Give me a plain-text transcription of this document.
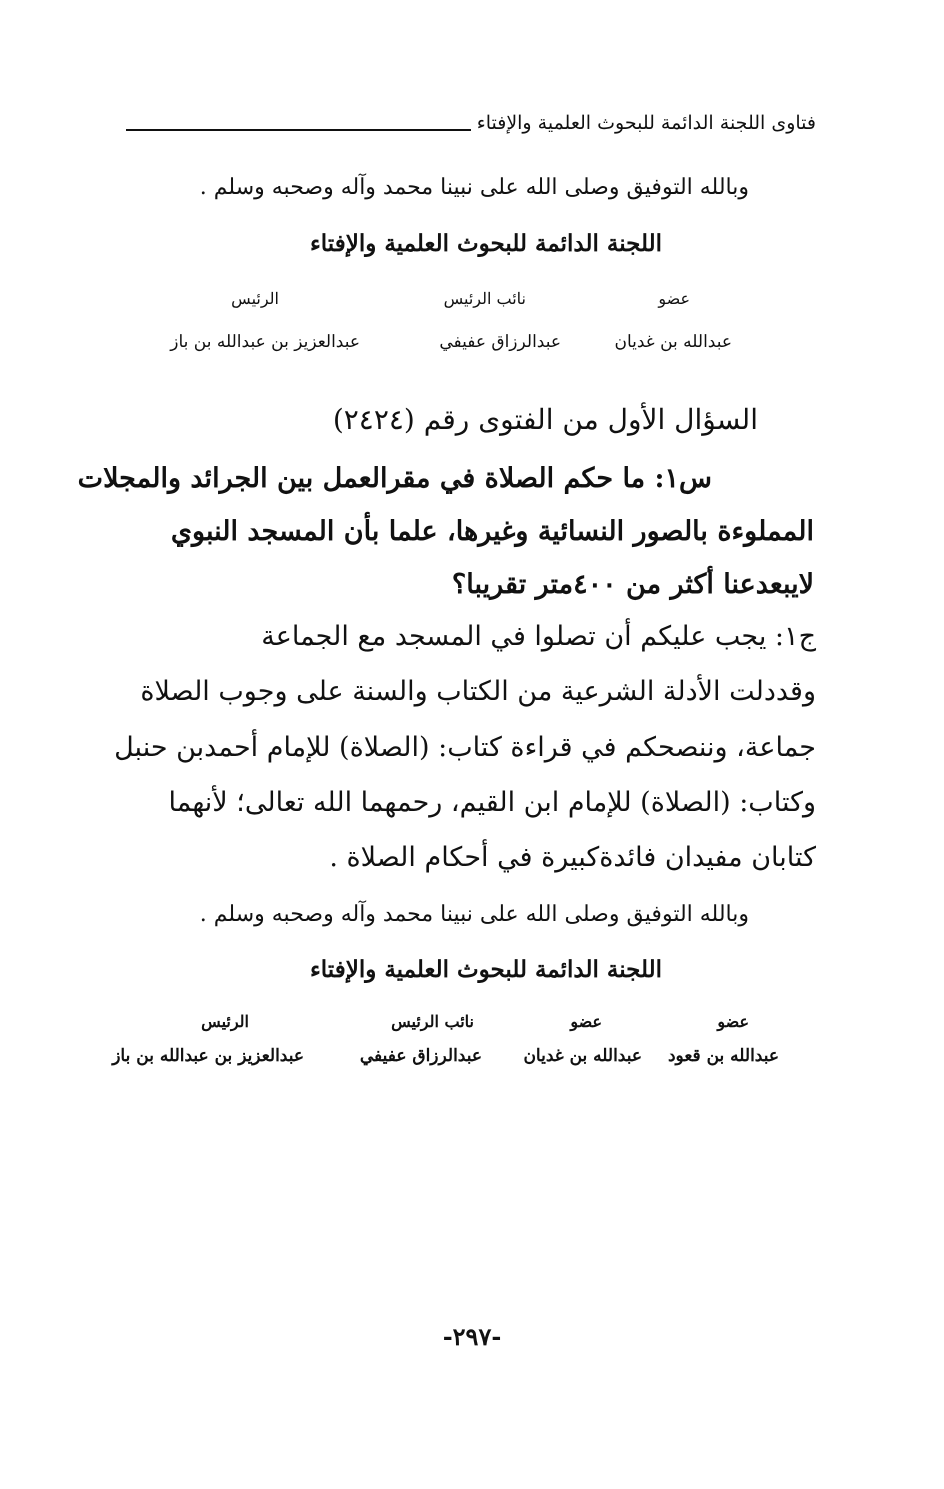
فتاوى اللجنة الدائمة للبحوث العلمية والإفتاء
وبالله التوفيق وصلى الله على نبينا محمد وآله وصحبه وسلم .
اللجنة الدائمة للبحوث العلمية والإفتاء
عضو
نائب الرئيس
الرئيس
عبدالله بن غديان
عبدالرزاق عفيفي
عبدالعزيز بن عبدالله بن باز
السؤال الأول من الفتوى رقم (٢٤٢٤)
س١: ما حكم الصلاة في مقرالعمل بين الجرائد والمجلات
المملوءة بالصور النسائية وغيرها، علما بأن المسجد النبوي
لايبعدعنا أكثر من ٤٠٠متر تقريبا؟
ج١: يجب عليكم أن تصلوا في المسجد مع الجماعة
وقددلت الأدلة الشرعية من الكتاب والسنة على وجوب الصلاة
جماعة، وننصحكم في قراءة كتاب: (الصلاة) للإمام أحمدبن حنبل
وكتاب: (الصلاة) للإمام ابن القيم، رحمهما الله تعالى؛ لأنهما
كتابان مفيدان فائدةكبيرة في أحكام الصلاة .
وبالله التوفيق وصلى الله على نبينا محمد وآله وصحبه وسلم .
اللجنة الدائمة للبحوث العلمية والإفتاء
عضو
عضو
نائب الرئيس
الرئيس
عبدالله بن قعود
عبدالله بن غديان
عبدالرزاق عفيفي
عبدالعزيز بن عبدالله بن باز
-٢٩٧-
